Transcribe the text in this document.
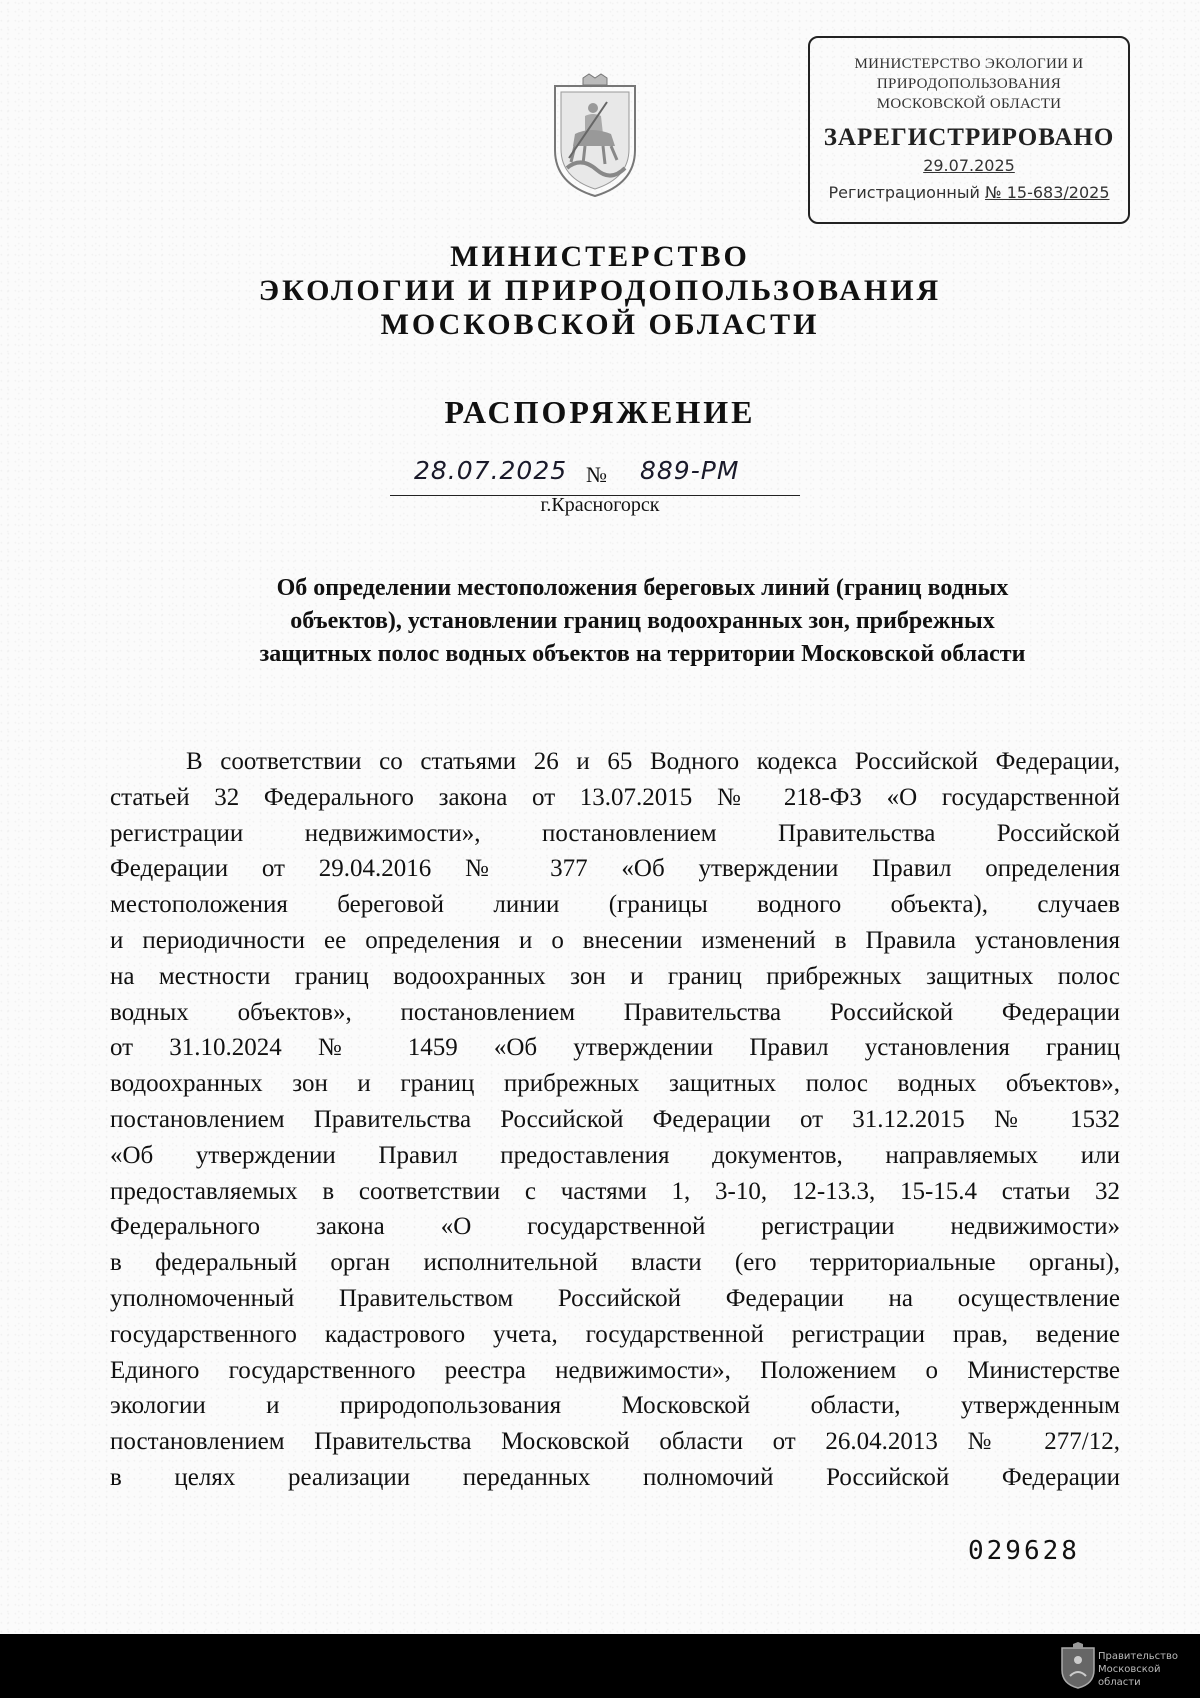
МИНИСТЕРСТВО ЭКОЛОГИИ И
ПРИРОДОПОЛЬЗОВАНИЯ
МОСКОВСКОЙ ОБЛАСТИ
ЗАРЕГИСТРИРОВАНО
29.07.2025
Регистрационный № 15-683/2025
МИНИСТЕРСТВО
ЭКОЛОГИИ И ПРИРОДОПОЛЬЗОВАНИЯ
МОСКОВСКОЙ ОБЛАСТИ
РАСПОРЯЖЕНИЕ
28.07.2025 № 889-РМ
г.Красногорск
Об определении местоположения береговых линий (границ водных
объектов), установлении границ водоохранных зон, прибрежных
защитных полос водных объектов на территории Московской области
В соответствии со статьями 26 и 65 Водного кодекса Российской Федерации,
статьей 32 Федерального закона от 13.07.2015 № 218-ФЗ «О государственной
регистрации недвижимости», постановлением Правительства Российской
Федерации от 29.04.2016 № 377 «Об утверждении Правил определения
местоположения береговой линии (границы водного объекта), случаев
и периодичности ее определения и о внесении изменений в Правила установления
на местности границ водоохранных зон и границ прибрежных защитных полос
водных объектов», постановлением Правительства Российской Федерации
от 31.10.2024 № 1459 «Об утверждении Правил установления границ
водоохранных зон и границ прибрежных защитных полос водных объектов»,
постановлением Правительства Российской Федерации от 31.12.2015 № 1532
«Об утверждении Правил предоставления документов, направляемых или
предоставляемых в соответствии с частями 1, 3-10, 12-13.3, 15-15.4 статьи 32
Федерального закона «О государственной регистрации недвижимости»
в федеральный орган исполнительной власти (его территориальные органы),
уполномоченный Правительством Российской Федерации на осуществление
государственного кадастрового учета, государственной регистрации прав, ведение
Единого государственного реестра недвижимости», Положением о Министерстве
экологии и природопользования Московской области, утвержденным
постановлением Правительства Московской области от 26.04.2013 № 277/12,
в целях реализации переданных полномочий Российской Федерации
029628
Правительство
Московской области
